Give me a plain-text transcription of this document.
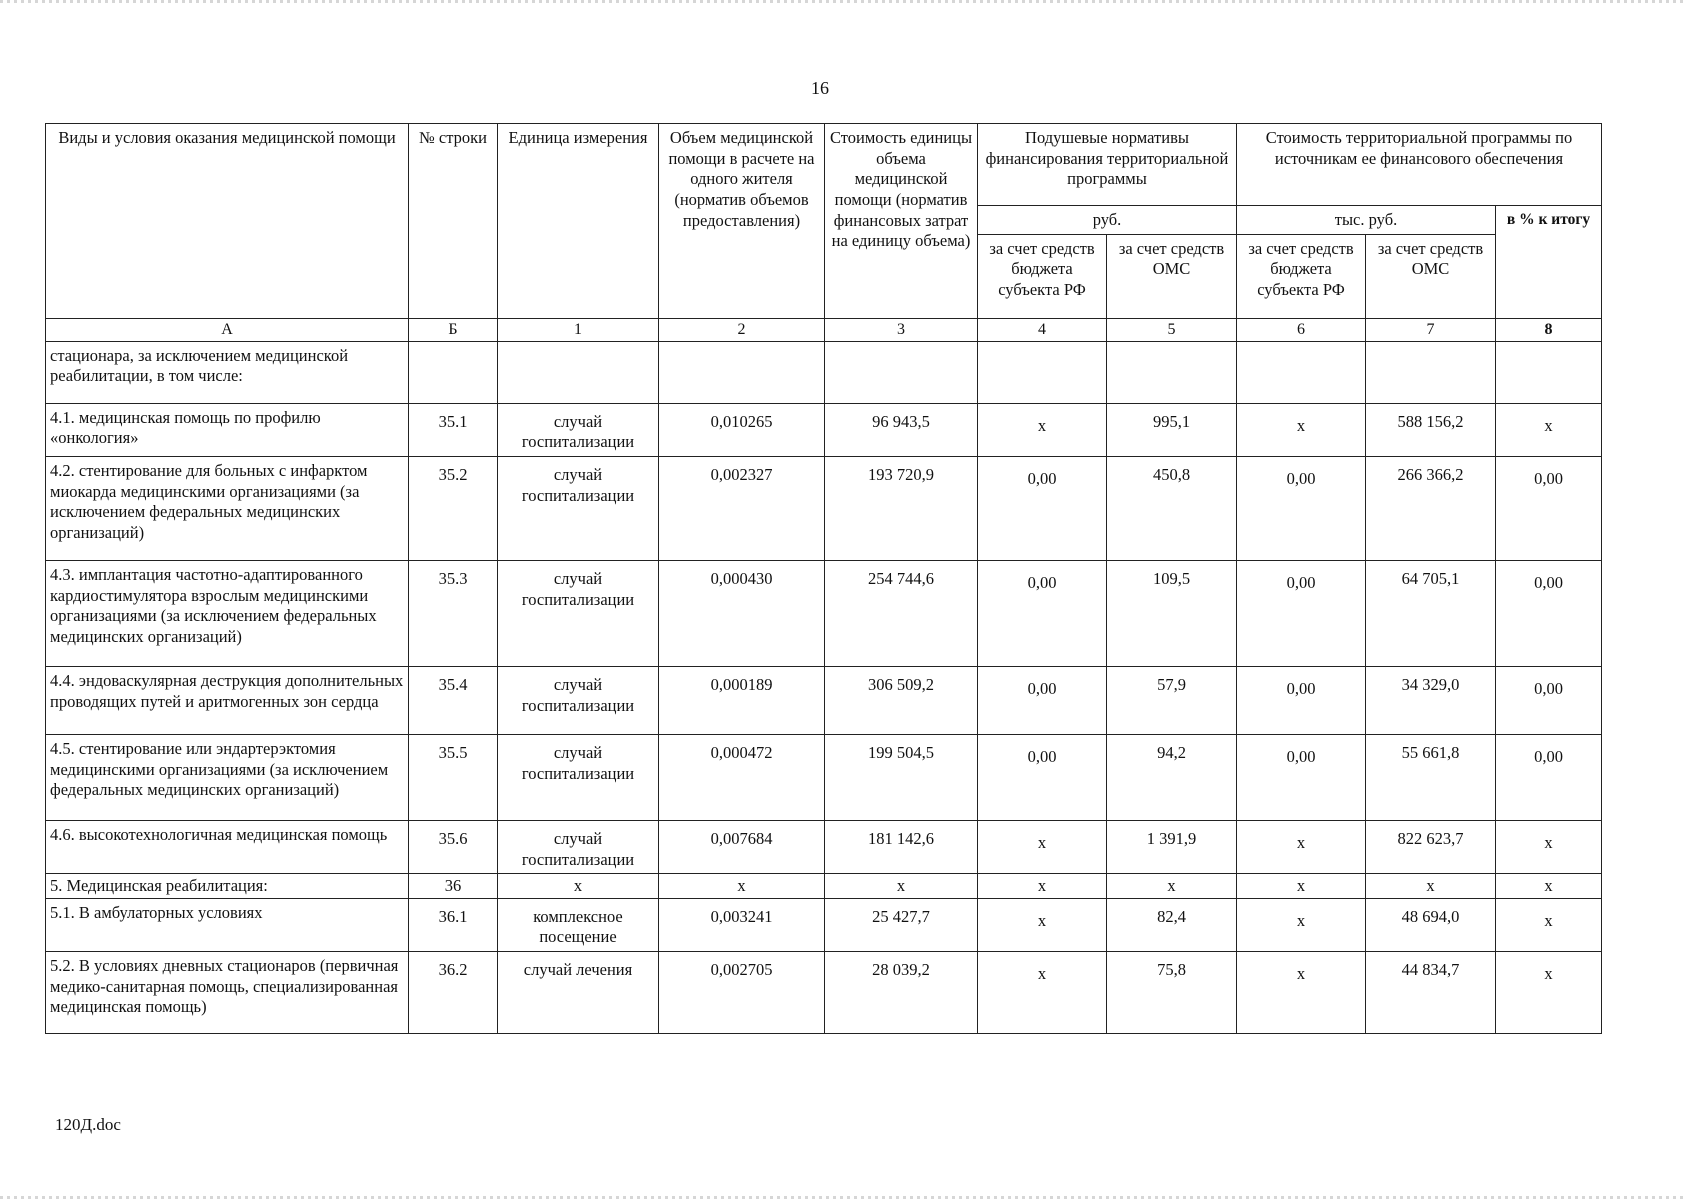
16
Виды и условия оказания медицинской помощи	№ строки	Единица измерения	Объем медицинской помощи в расчете на одного жителя (норматив объемов предоставления)	Стоимость единицы объема медицинской помощи (норматив финансовых затрат на единицу объема)	Подушевые нормативы финансирования территориальной программы		Стоимость территориальной программы по источникам ее финансового обеспечения		
					руб.		тыс. руб.		в % к итогу
					за счет средств бюджета субъекта РФ	за счет средств ОМС	за счет средств бюджета субъекта РФ	за счет средств ОМС	
А	Б	1	2	3	4	5	6	7	8
стационара, за исключением медицинской реабилитации, в том числе:									
4.1. медицинская помощь по профилю «онкология»	35.1	случай госпитализации	0,010265	96 943,5	x	995,1	x	588 156,2	x
4.2. стентирование для больных с инфарктом миокарда медицинскими организациями (за исключением федеральных медицинских организаций)	35.2	случай госпитализации	0,002327	193 720,9	0,00	450,8	0,00	266 366,2	0,00
4.3. имплантация частотно-адаптированного кардиостимулятора взрослым медицинскими организациями (за исключением федеральных медицинских организаций)	35.3	случай госпитализации	0,000430	254 744,6	0,00	109,5	0,00	64 705,1	0,00
4.4. эндоваскулярная деструкция дополнительных проводящих путей и аритмогенных зон сердца	35.4	случай госпитализации	0,000189	306 509,2	0,00	57,9	0,00	34 329,0	0,00
4.5. стентирование или эндартерэктомия медицинскими организациями (за исключением федеральных медицинских организаций)	35.5	случай госпитализации	0,000472	199 504,5	0,00	94,2	0,00	55 661,8	0,00
4.6. высокотехнологичная медицинская помощь	35.6	случай госпитализации	0,007684	181 142,6	x	1 391,9	x	822 623,7	x
5. Медицинская реабилитация:	36	x	x	x	x	x	x	x	x
5.1. В амбулаторных условиях	36.1	комплексное посещение	0,003241	25 427,7	x	82,4	x	48 694,0	x
5.2. В условиях дневных стационаров (первичная медико-санитарная помощь, специализированная медицинская помощь)	36.2	случай лечения	0,002705	28 039,2	x	75,8	x	44 834,7	x
120Д.doc
